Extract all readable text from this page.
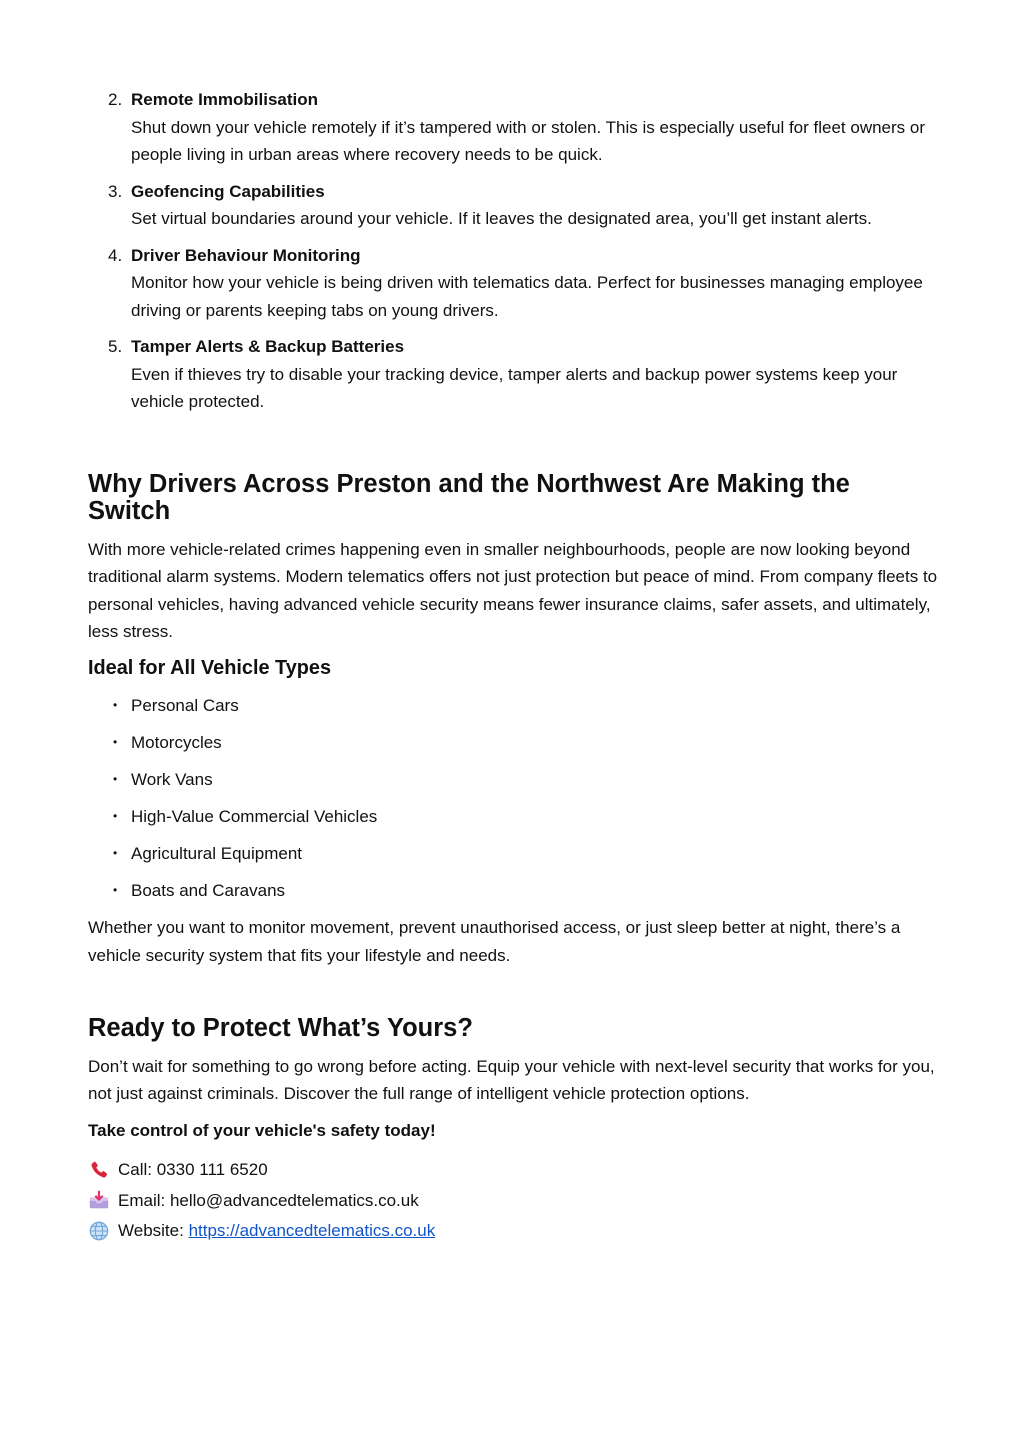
2. Remote Immobilisation
Shut down your vehicle remotely if it’s tampered with or stolen. This is especially useful for fleet owners or people living in urban areas where recovery needs to be quick.
3. Geofencing Capabilities
Set virtual boundaries around your vehicle. If it leaves the designated area, you’ll get instant alerts.
4. Driver Behaviour Monitoring
Monitor how your vehicle is being driven with telematics data. Perfect for businesses managing employee driving or parents keeping tabs on young drivers.
5. Tamper Alerts & Backup Batteries
Even if thieves try to disable your tracking device, tamper alerts and backup power systems keep your vehicle protected.
Why Drivers Across Preston and the Northwest Are Making the Switch

With more vehicle-related crimes happening even in smaller neighbourhoods, people are now looking beyond traditional alarm systems. Modern telematics offers not just protection but peace of mind. From company fleets to personal vehicles, having advanced vehicle security means fewer insurance claims, safer assets, and ultimately, less stress.

Ideal for All Vehicle Types
• Personal Cars
• Motorcycles
• Work Vans
• High-Value Commercial Vehicles
• Agricultural Equipment
• Boats and Caravans

Whether you want to monitor movement, prevent unauthorised access, or just sleep better at night, there’s a vehicle security system that fits your lifestyle and needs.

Ready to Protect What’s Yours?

Don’t wait for something to go wrong before acting. Equip your vehicle with next-level security that works for you, not just against criminals. Discover the full range of intelligent vehicle protection options.

Take control of your vehicle's safety today!

Call: 0330 111 6520
Email: hello@advancedtelematics.co.uk
Website: https://advancedtelematics.co.uk
